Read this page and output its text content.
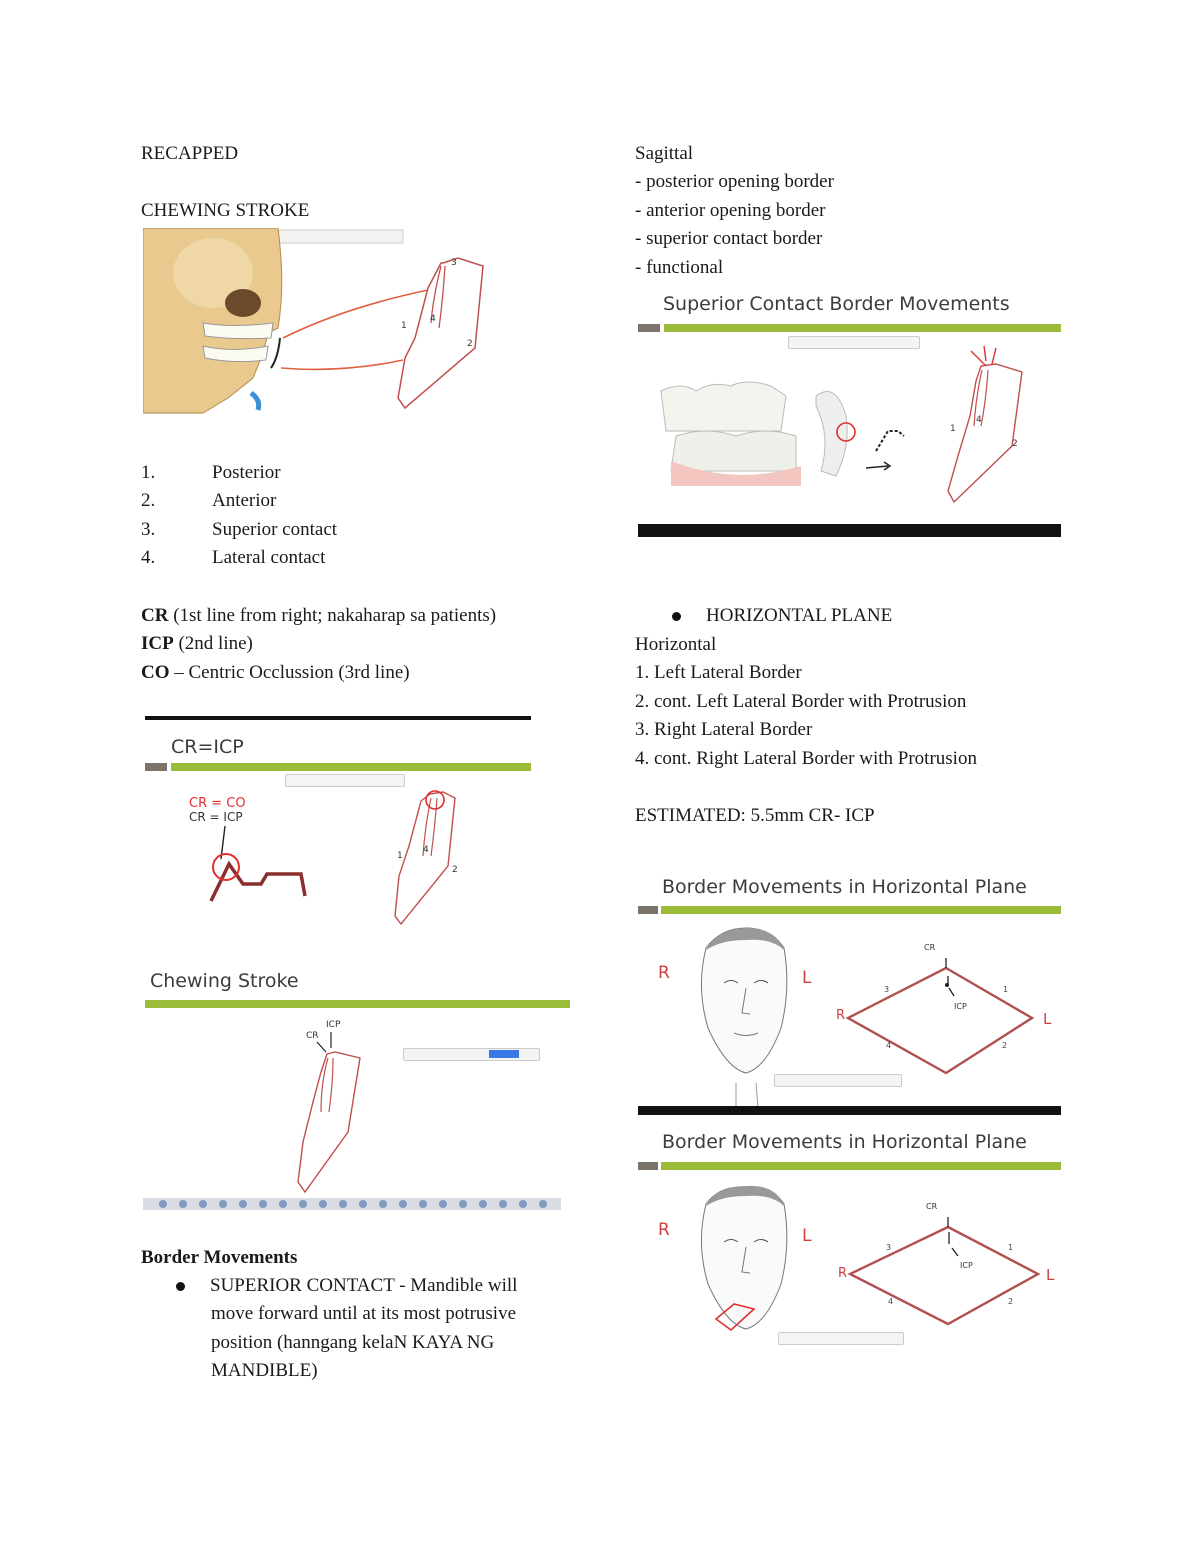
RECAPPED
CHEWING STROKE
3
1
2
4
1.	Posterior
2.	Anterior
3.	Superior contact
4.	Lateral contact
CR (1st line from right; nakaharap sa patients)
ICP (2nd line)
CO – Centric Occlussion (3rd line)
CR=ICP
CR = CO
CR = ICP
1
4
2
Chewing Stroke
ICP
CR
Border Movements
SUPERIOR CONTACT - Mandible will
move forward until at its most potrusive
position (hanngang kelaN KAYA NG
MANDIBLE)
Sagittal
- posterior opening border
- anterior opening border
- superior contact border
- functional
Superior Contact Border Movements
1
4
2
HORIZONTAL PLANE
Horizontal
1. Left Lateral Border
2. cont. Left Lateral Border with Protrusion
3. Right Lateral Border
4. cont. Right Lateral Border with Protrusion
ESTIMATED: 5.5mm CR- ICP
Border Movements in Horizontal Plane
R	L
CR
ICP
R	L
3	1
4	2
Border Movements in Horizontal Plane
R	L
CR
ICP
R	L
3	1
4	2
